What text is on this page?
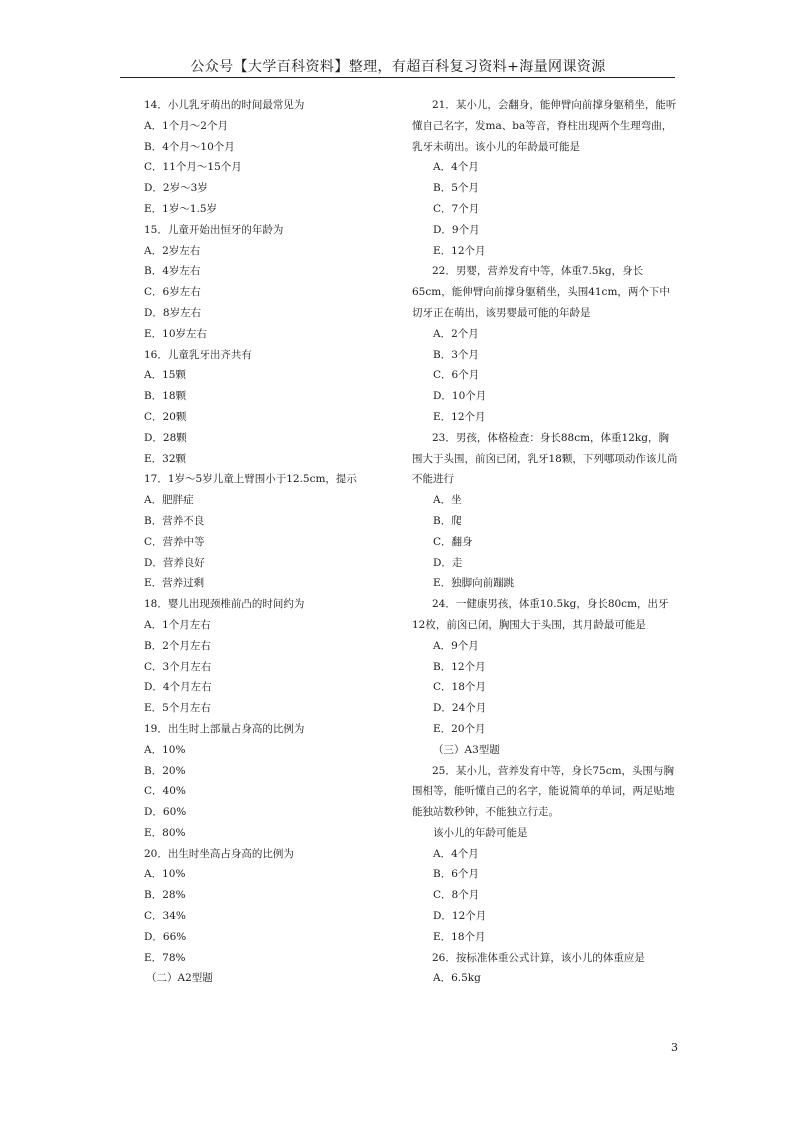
公众号【大学百科资料】整理，有超百科复习资料+海量网课资源

14．小儿乳牙萌出的时间最常见为

A．1个月～2个月

B．4个月～10个月

C．11个月～15个月

D．2岁～3岁

E．1岁～1.5岁

15．儿童开始出恒牙的年龄为

A．2岁左右

B．4岁左右

C．6岁左右

D．8岁左右

E．10岁左右

16．儿童乳牙出齐共有

A．15颗

B．18颗

C．20颗

D．28颗

E．32颗

17．1岁～5岁儿童上臂围小于12.5cm，提示

A．肥胖症

B．营养不良

C．营养中等

D．营养良好

E．营养过剩

18．婴儿出现颈椎前凸的时间约为

A．1个月左右

B．2个月左右

C．3个月左右

D．4个月左右

E．5个月左右

19．出生时上部量占身高的比例为

A．10%

B．20%

C．40%

D．60%

E．80%

20．出生时坐高占身高的比例为

A．10%

B．28%

C．34%

D．66%

E．78%

（二）A2型题

21．某小儿，会翻身，能伸臂向前撑身躯稍坐，能听懂自己名字，发ma、ba等音，脊柱出现两个生理弯曲，乳牙未萌出。该小儿的年龄最可能是

A．4个月

B．5个月

C．7个月

D．9个月

E．12个月

22．男婴，营养发育中等，体重7.5kg，身长65cm，能伸臂向前撑身躯稍坐，头围41cm，两个下中切牙正在萌出，该男婴最可能的年龄是

A．2个月

B．3个月

C．6个月

D．10个月

E．12个月

23．男孩，体格检查：身长88cm，体重12kg，胸围大于头围，前囟已闭，乳牙18颗，下列哪项动作该儿尚不能进行

A．坐

B．爬

C．翻身

D．走

E．独脚向前蹦跳

24．一健康男孩，体重10.5kg，身长80cm，出牙12枚，前囟已闭，胸围大于头围，其月龄最可能是

A．9个月

B．12个月

C．18个月

D．24个月

E．20个月

（三）A3型题

25．某小儿，营养发育中等，身长75cm，头围与胸围相等，能听懂自己的名字，能说简单的单词，两足贴地能独站数秒钟，不能独立行走。

该小儿的年龄可能是

A．4个月

B．6个月

C．8个月

D．12个月

E．18个月

26．按标准体重公式计算，该小儿的体重应是

A．6.5kg

3
